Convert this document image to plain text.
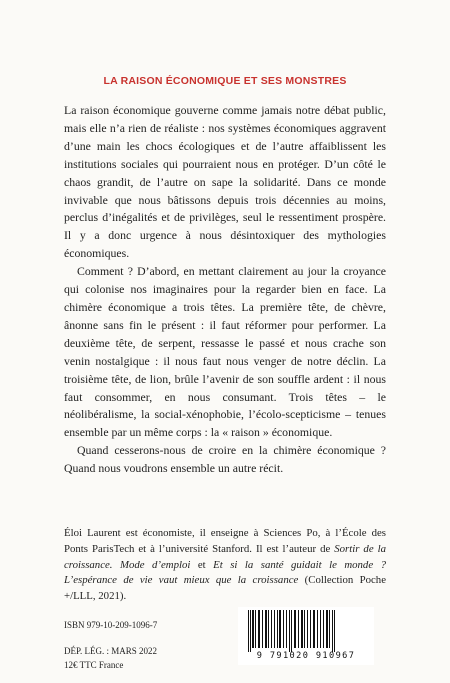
LA RAISON ÉCONOMIQUE ET SES MONSTRES

La raison économique gouverne comme jamais notre débat public, mais elle n’a rien de réaliste : nos systèmes économiques aggravent d’une main les chocs écologiques et de l’autre affaiblissent les institutions sociales qui pourraient nous en protéger. D’un côté le chaos grandit, de l’autre on sape la solidarité. Dans ce monde invivable que nous bâtissons depuis trois décennies au moins, perclus d’inégalités et de privilèges, seul le ressentiment prospère. Il y a donc urgence à nous désintoxiquer des mythologies économiques.

Comment ? D’abord, en mettant clairement au jour la croyance qui colonise nos imaginaires pour la regarder bien en face. La chimère économique a trois têtes. La première tête, de chèvre, ânonne sans fin le présent : il faut réformer pour performer. La deuxième tête, de serpent, ressasse le passé et nous crache son venin nostalgique : il nous faut nous venger de notre déclin. La troisième tête, de lion, brûle l’avenir de son souffle ardent : il nous faut consommer, en nous consumant. Trois têtes – le néolibéralisme, la social-xénophobie, l’écolo-scepticisme – tenues ensemble par un même corps : la « raison » économique.

Quand cesserons-nous de croire en la chimère économique ? Quand nous voudrons ensemble un autre récit.

Éloi Laurent est économiste, il enseigne à Sciences Po, à l’École des Ponts ParisTech et à l’université Stanford. Il est l’auteur de Sortir de la croissance. Mode d’emploi et Et si la santé guidait le monde ? L’espérance de vie vaut mieux que la croissance (Collection Poche +/LLL, 2021).

ISBN 979-10-209-1096-7
DÉP. LÉG. : MARS 2022
12€ TTC France
9 791020 910967
